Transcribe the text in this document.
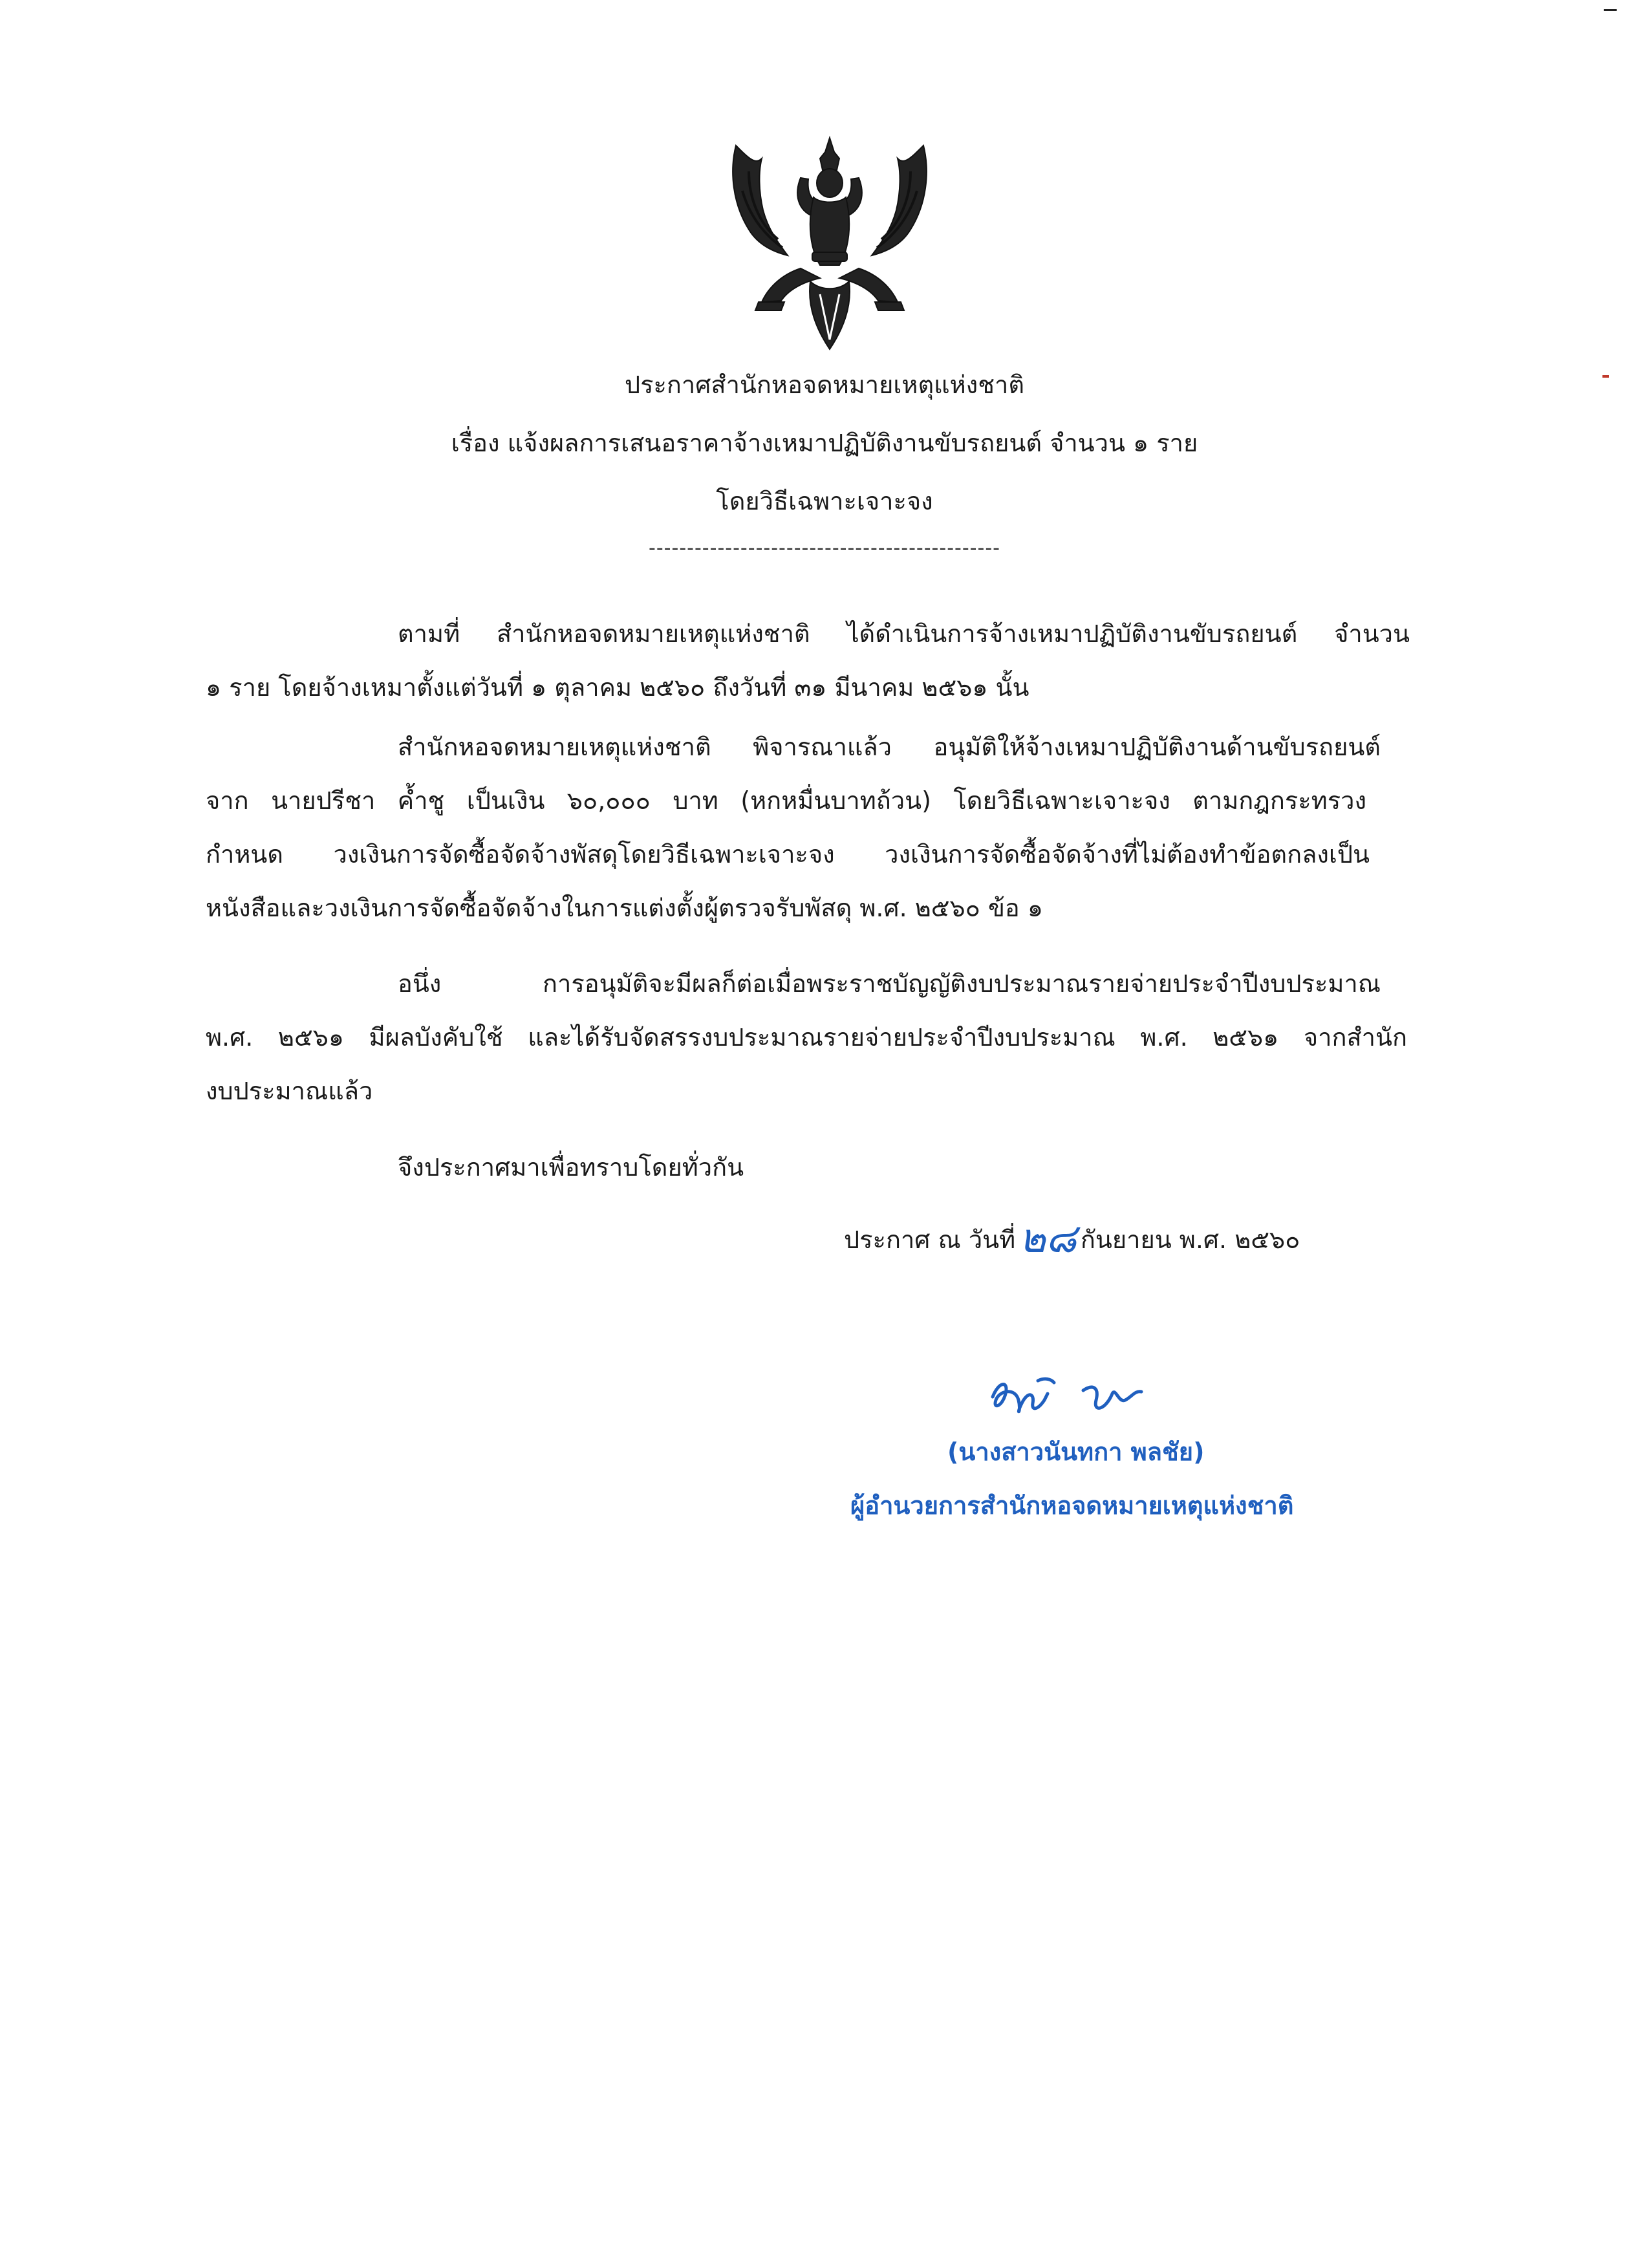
ประกาศสำนักหอจดหมายเหตุแห่งชาติ
เรื่อง แจ้งผลการเสนอราคาจ้างเหมาปฏิบัติงานขับรถยนต์ จำนวน ๑ ราย
โดยวิธีเฉพาะเจาะจง
----------------------------------------------
ตามที่ สำนักหอจดหมายเหตุแห่งชาติ ได้ดำเนินการจ้างเหมาปฏิบัติงานขับรถยนต์ จำนวน
๑ ราย โดยจ้างเหมาตั้งแต่วันที่ ๑ ตุลาคม ๒๕๖๐ ถึงวันที่ ๓๑ มีนาคม ๒๕๖๑ นั้น
สำนักหอจดหมายเหตุแห่งชาติ พิจารณาแล้ว อนุมัติให้จ้างเหมาปฏิบัติงานด้านขับรถยนต์
จาก นายปรีชา ค้ำชู เป็นเงิน ๖๐,๐๐๐ บาท (หกหมื่นบาทถ้วน) โดยวิธีเฉพาะเจาะจง ตามกฎกระทรวง
กำหนด วงเงินการจัดซื้อจัดจ้างพัสดุโดยวิธีเฉพาะเจาะจง วงเงินการจัดซื้อจัดจ้างที่ไม่ต้องทำข้อตกลงเป็น
หนังสือและวงเงินการจัดซื้อจัดจ้างในการแต่งตั้งผู้ตรวจรับพัสดุ พ.ศ. ๒๕๖๐ ข้อ ๑
อนึ่ง การอนุมัติจะมีผลก็ต่อเมื่อพระราชบัญญัติงบประมาณรายจ่ายประจำปีงบประมาณ
พ.ศ. ๒๕๖๑ มีผลบังคับใช้ และได้รับจัดสรรงบประมาณรายจ่ายประจำปีงบประมาณ พ.ศ. ๒๕๖๑ จากสำนัก
งบประมาณแล้ว
จึงประกาศมาเพื่อทราบโดยทั่วกัน
ประกาศ ณ วันที่๒๘ กันยายน พ.ศ. ๒๕๖๐
(นางสาวนันทกา พลชัย)
ผู้อำนวยการสำนักหอจดหมายเหตุแห่งชาติ
